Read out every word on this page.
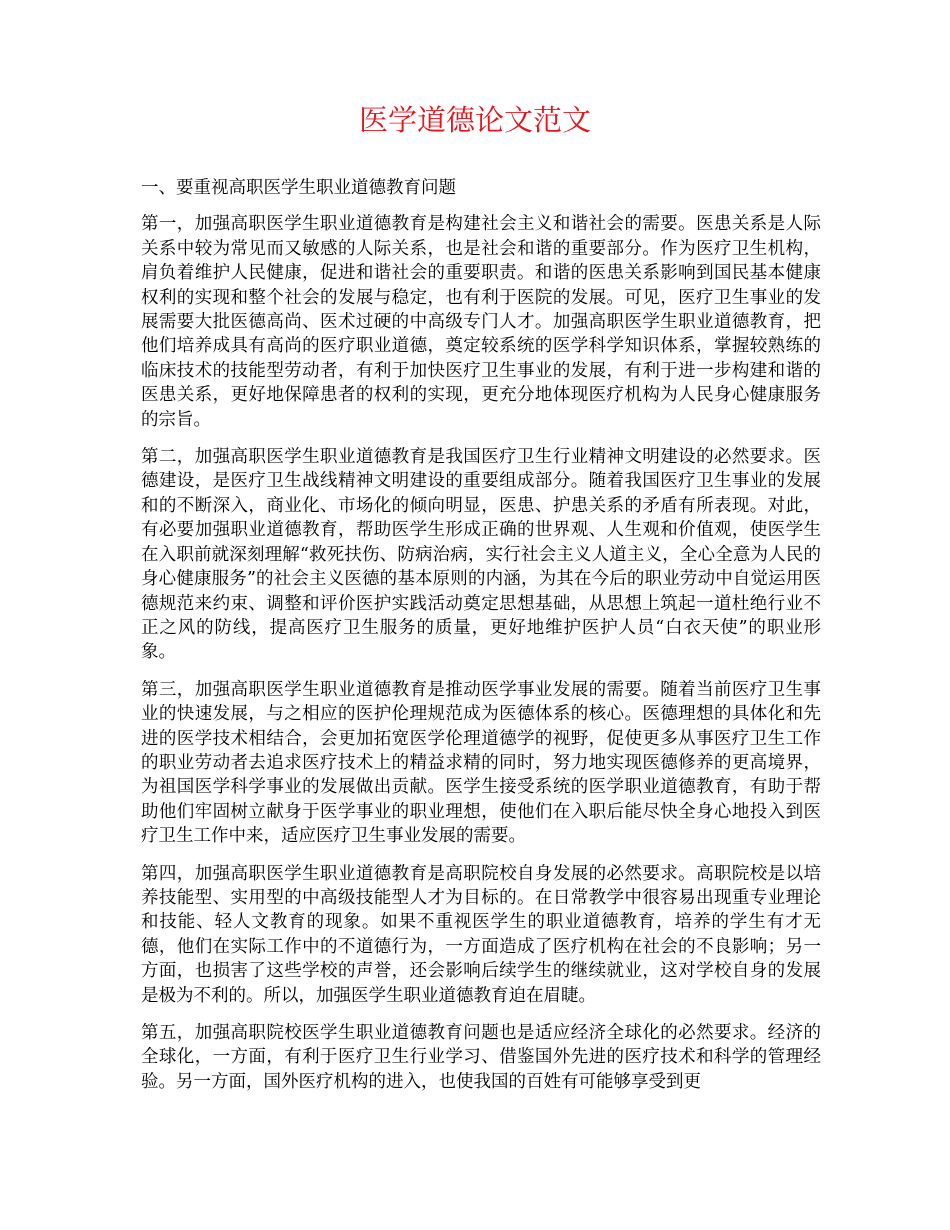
医学道德论文范文

一、要重视高职医学生职业道德教育问题

第一，加强高职医学生职业道德教育是构建社会主义和谐社会的需要。医患关系是人际关系中较为常见而又敏感的人际关系，也是社会和谐的重要部分。作为医疗卫生机构，肩负着维护人民健康，促进和谐社会的重要职责。和谐的医患关系影响到国民基本健康权利的实现和整个社会的发展与稳定，也有利于医院的发展。可见，医疗卫生事业的发展需要大批医德高尚、医术过硬的中高级专门人才。加强高职医学生职业道德教育，把他们培养成具有高尚的医疗职业道德，奠定较系统的医学科学知识体系，掌握较熟练的临床技术的技能型劳动者，有利于加快医疗卫生事业的发展，有利于进一步构建和谐的医患关系，更好地保障患者的权利的实现，更充分地体现医疗机构为人民身心健康服务的宗旨。

第二，加强高职医学生职业道德教育是我国医疗卫生行业精神文明建设的必然要求。医德建设，是医疗卫生战线精神文明建设的重要组成部分。随着我国医疗卫生事业的发展和的不断深入，商业化、市场化的倾向明显，医患、护患关系的矛盾有所表现。对此，有必要加强职业道德教育，帮助医学生形成正确的世界观、人生观和价值观，使医学生在入职前就深刻理解“救死扶伤、防病治病，实行社会主义人道主义，全心全意为人民的身心健康服务”的社会主义医德的基本原则的内涵，为其在今后的职业劳动中自觉运用医德规范来约束、调整和评价医护实践活动奠定思想基础，从思想上筑起一道杜绝行业不正之风的防线，提高医疗卫生服务的质量，更好地维护医护人员“白衣天使”的职业形象。

第三，加强高职医学生职业道德教育是推动医学事业发展的需要。随着当前医疗卫生事业的快速发展，与之相应的医护伦理规范成为医德体系的核心。医德理想的具体化和先进的医学技术相结合，会更加拓宽医学伦理道德学的视野，促使更多从事医疗卫生工作的职业劳动者去追求医疗技术上的精益求精的同时，努力地实现医德修养的更高境界，为祖国医学科学事业的发展做出贡献。医学生接受系统的医学职业道德教育，有助于帮助他们牢固树立献身于医学事业的职业理想，使他们在入职后能尽快全身心地投入到医疗卫生工作中来，适应医疗卫生事业发展的需要。

第四，加强高职医学生职业道德教育是高职院校自身发展的必然要求。高职院校是以培养技能型、实用型的中高级技能型人才为目标的。在日常教学中很容易出现重专业理论和技能、轻人文教育的现象。如果不重视医学生的职业道德教育，培养的学生有才无德，他们在实际工作中的不道德行为，一方面造成了医疗机构在社会的不良影响；另一方面，也损害了这些学校的声誉，还会影响后续学生的继续就业，这对学校自身的发展是极为不利的。所以，加强医学生职业道德教育迫在眉睫。

第五，加强高职院校医学生职业道德教育问题也是适应经济全球化的必然要求。经济的全球化，一方面，有利于医疗卫生行业学习、借鉴国外先进的医疗技术和科学的管理经验。另一方面，国外医疗机构的进入，也使我国的百姓有可能够享受到更
